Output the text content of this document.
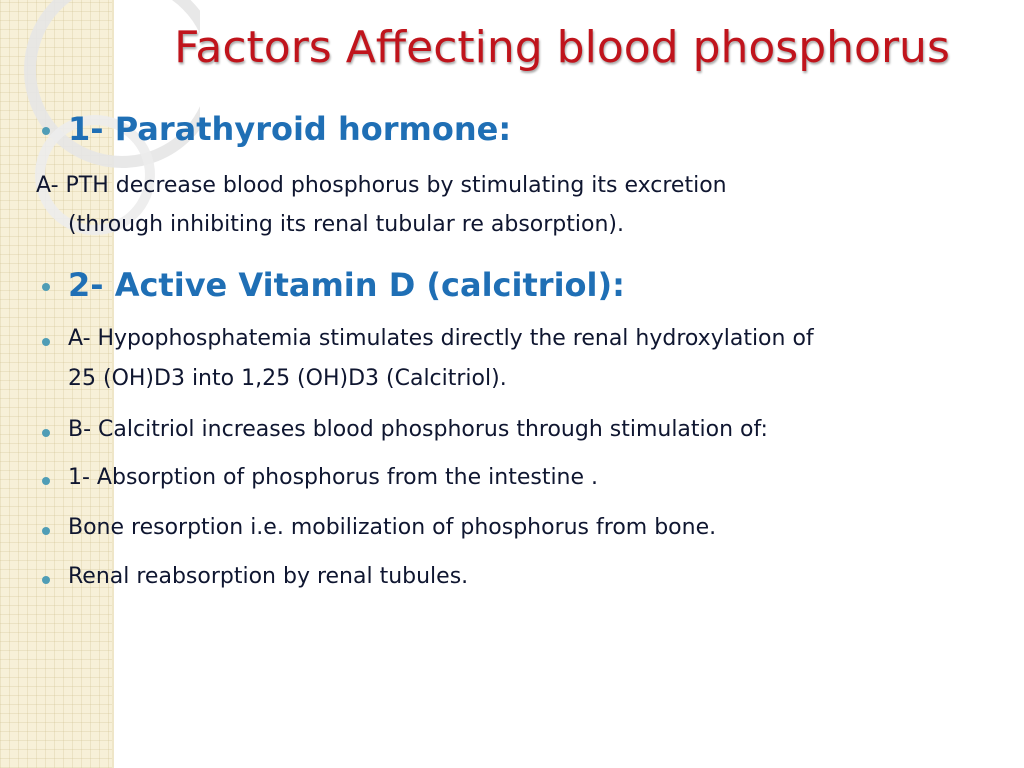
Factors Affecting blood phosphorus
1- Parathyroid hormone:
A- PTH decrease blood phosphorus by stimulating its excretion
(through inhibiting its renal tubular re absorption).
2- Active Vitamin D (calcitriol):
A- Hypophosphatemia stimulates directly the renal hydroxylation of
25 (OH)D3 into 1,25 (OH)D3 (Calcitriol).
B- Calcitriol increases blood phosphorus through stimulation of:
1- Absorption of phosphorus from the intestine .
Bone resorption i.e. mobilization of phosphorus from bone.
Renal reabsorption by renal tubules.
